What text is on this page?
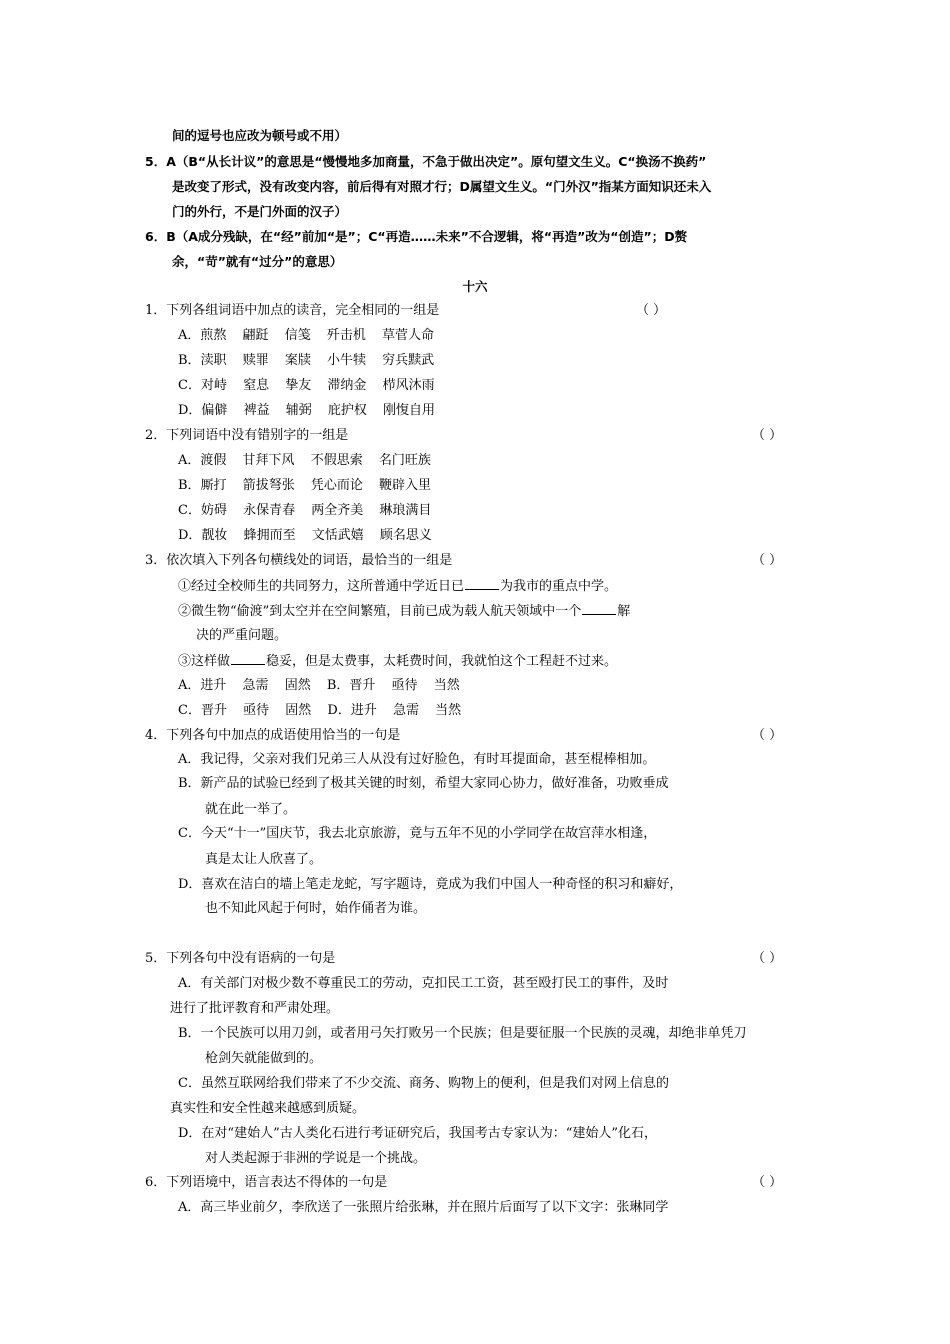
间的逗号也应改为顿号或不用）
5．A（B“从长计议”的意思是“慢慢地多加商量，不急于做出决定”。原句望文生义。C“换汤不换药”
是改变了形式，没有改变内容，前后得有对照才行；D属望文生义。“门外汉”指某方面知识还未入
门的外行，不是门外面的汉子）
6．B（A成分残缺，在“经”前加“是”；C“再造……未来”不合逻辑，将“再造”改为“创造”；D赘
余，“苛”就有“过分”的意思）
十六
1．下列各组词语中加点的读音，完全相同的一组是	（ ）
A．煎熬 翩跹 信笺 歼击机 草菅人命
B．渎职 赎罪 案牍 小牛犊 穷兵黩武
C．对峙 窒息 挚友 滞纳金 栉风沐雨
D．偏僻 裨益 辅弼 庇护权 刚愎自用
2．下列词语中没有错别字的一组是	（ ）
A．渡假 甘拜下风 不假思索 名门旺族
B．厮打 箭拔弩张 凭心而论 鞭辟入里
C．妨碍 永保青春 两全齐美 琳琅满目
D．靓妆 蜂拥而至 文恬武嬉 顾名思义
3．依次填入下列各句横线处的词语，最恰当的一组是	（ ）
①经过全校师生的共同努力，这所普通中学近日已	为我市的重点中学。
②微生物“偷渡”到太空并在空间繁殖，目前已成为载人航天领域中一个	解
决的严重问题。
③这样做	稳妥，但是太费事，太耗费时间，我就怕这个工程赶不过来。
A．进升 急需 固然 B．晋升 亟待 当然
C．晋升 亟待 固然 D．进升 急需 当然
4．下列各句中加点的成语使用恰当的一句是	（ ）
A．我记得，父亲对我们兄弟三人从没有过好脸色，有时耳提面命，甚至棍棒相加。
B．新产品的试验已经到了极其关键的时刻，希望大家同心协力，做好准备，功败垂成
就在此一举了。
C．今天“十一”国庆节，我去北京旅游，竟与五年不见的小学同学在故宫萍水相逢，
真是太让人欣喜了。
D．喜欢在洁白的墙上笔走龙蛇，写字题诗，竟成为我们中国人一种奇怪的积习和癖好，
也不知此风起于何时，始作俑者为谁。
5．下列各句中没有语病的一句是	（ ）
A．有关部门对极少数不尊重民工的劳动，克扣民工工资，甚至殴打民工的事件，及时
进行了批评教育和严肃处理。
B．一个民族可以用刀剑，或者用弓矢打败另一个民族；但是要征服一个民族的灵魂，却绝非单凭刀
枪剑矢就能做到的。
C．虽然互联网给我们带来了不少交流、商务、购物上的便利，但是我们对网上信息的
真实性和安全性越来越感到质疑。
D．在对“建始人”古人类化石进行考证研究后，我国考古专家认为：“建始人”化石，
对人类起源于非洲的学说是一个挑战。
6．下列语境中，语言表达不得体的一句是	（ ）
A．高三毕业前夕，李欣送了一张照片给张琳，并在照片后面写了以下文字：张琳同学
